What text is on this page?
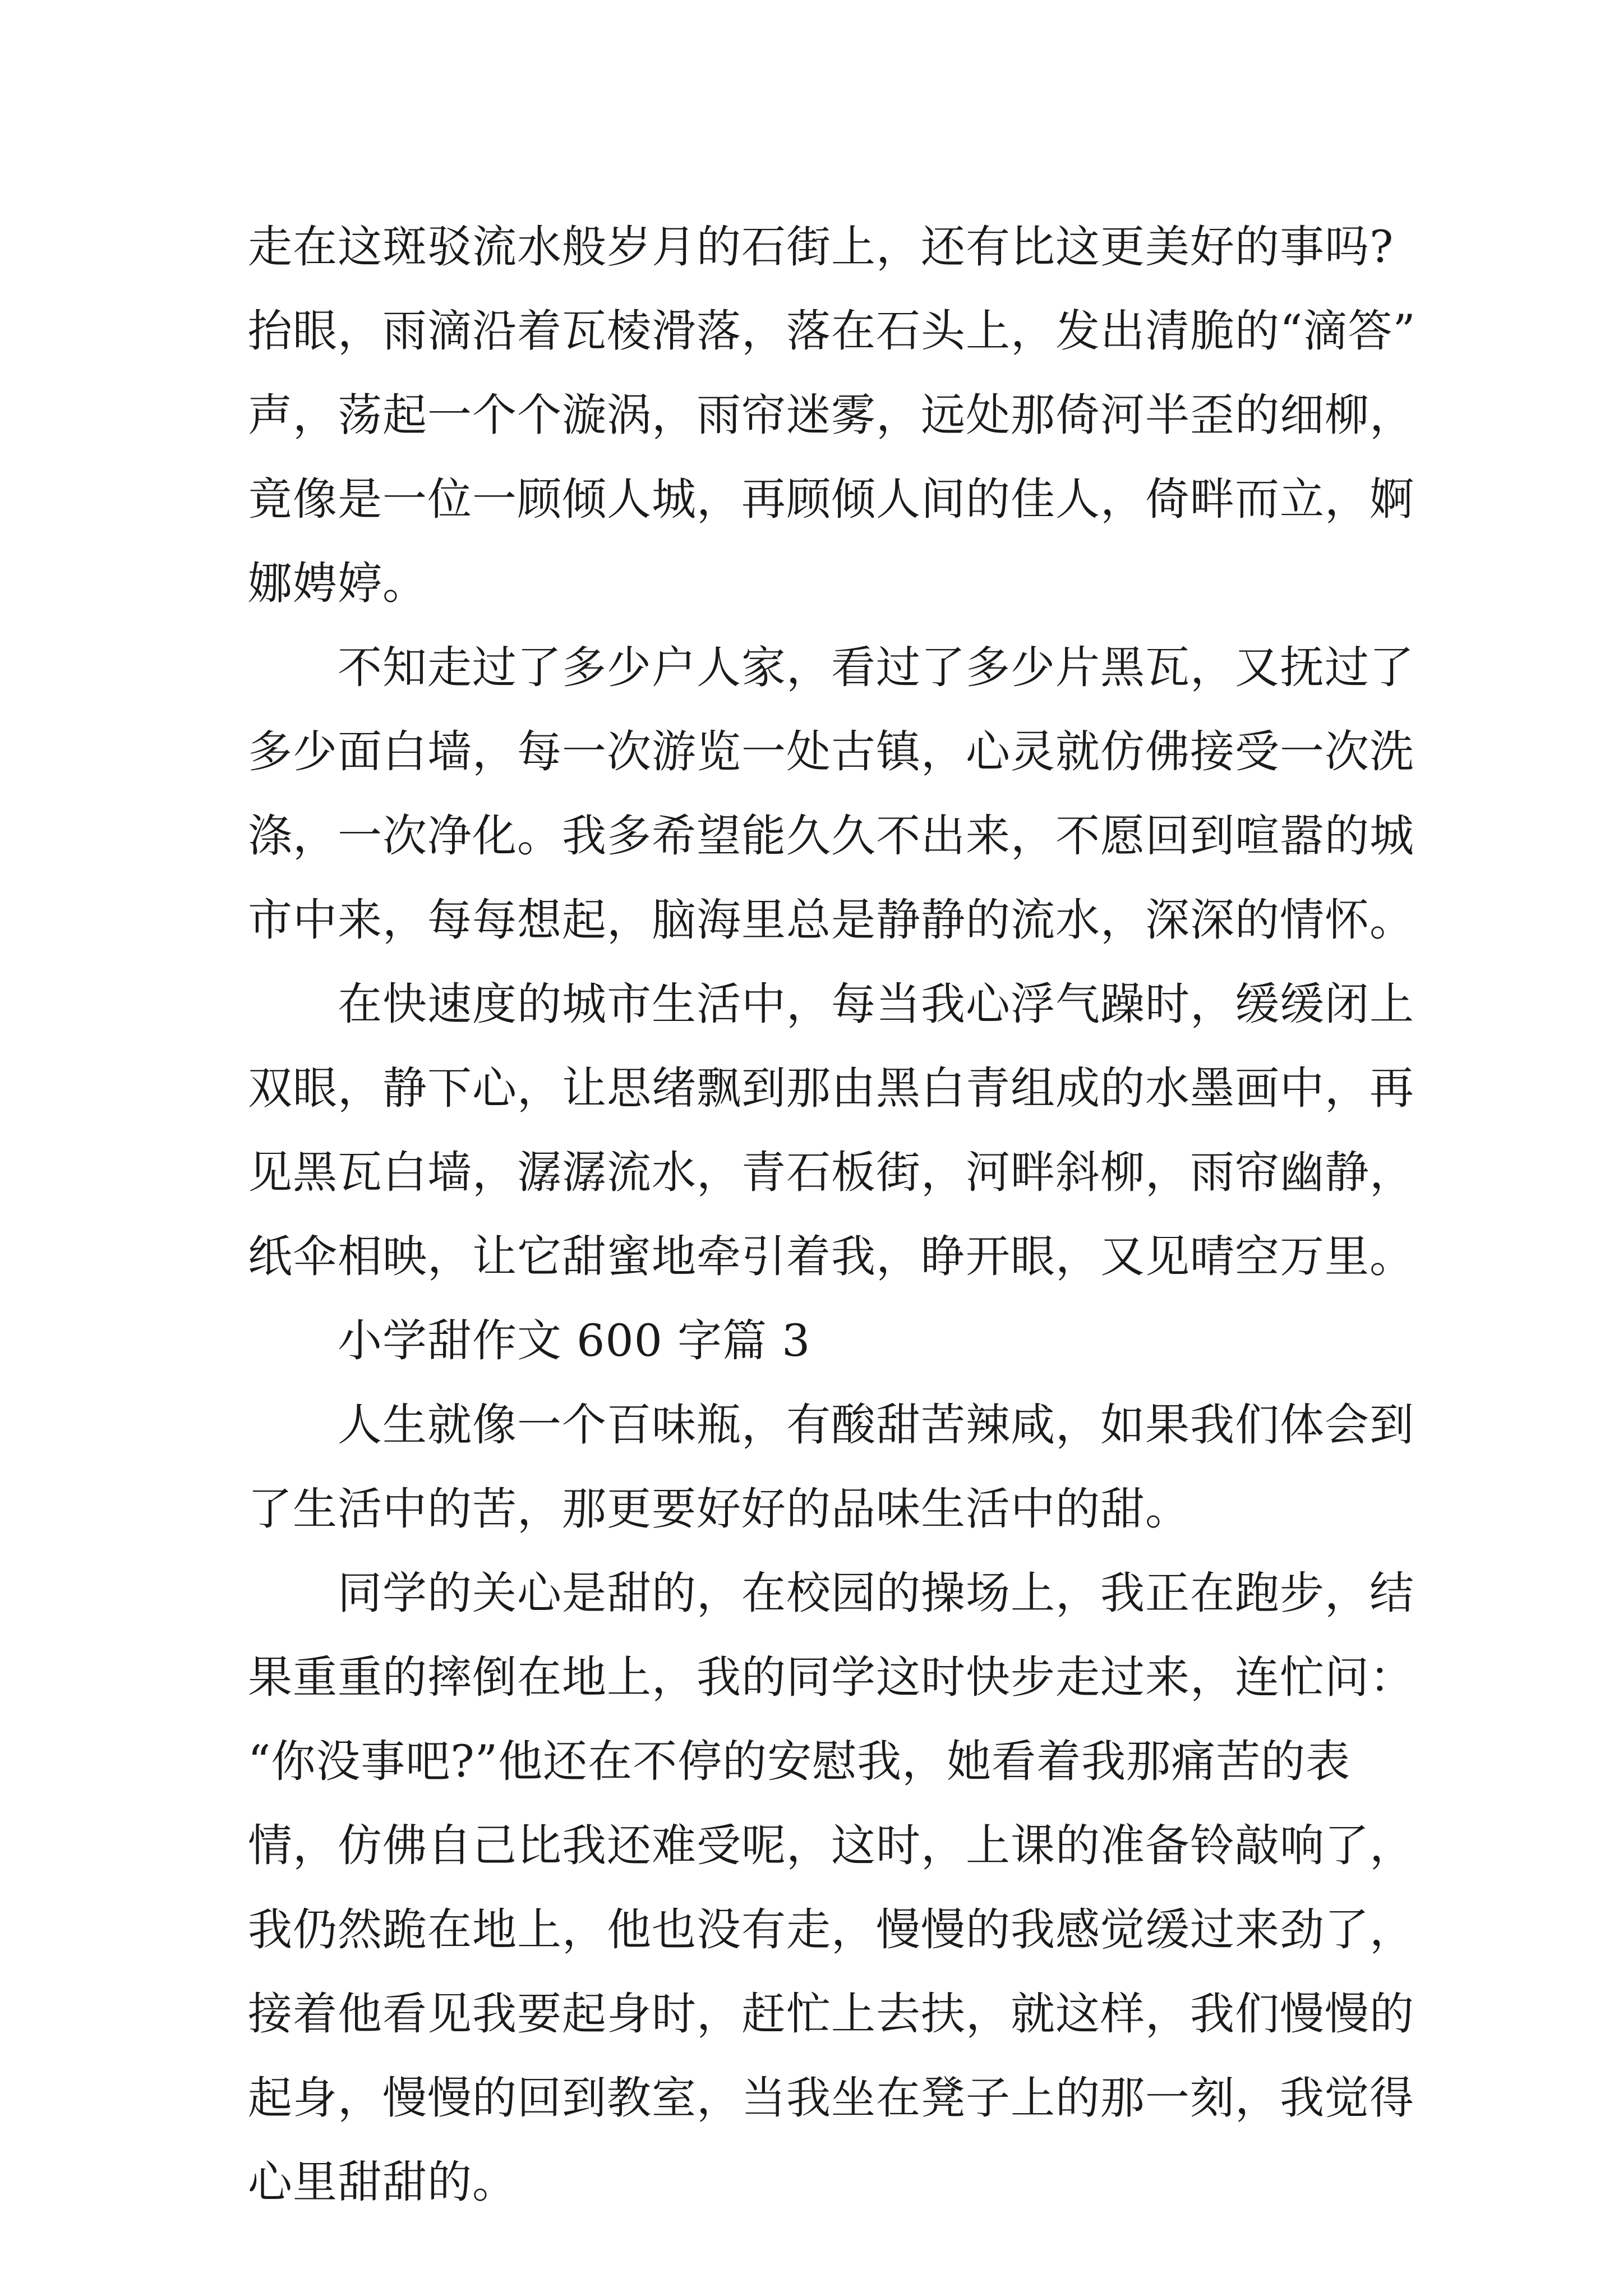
走在这斑驳流水般岁月的石街上，还有比这更美好的事吗?
抬眼，雨滴沿着瓦棱滑落，落在石头上，发出清脆的“滴答”
声，荡起一个个漩涡，雨帘迷雾，远处那倚河半歪的细柳，
竟像是一位一顾倾人城，再顾倾人间的佳人，倚畔而立，婀
娜娉婷。
不知走过了多少户人家，看过了多少片黑瓦，又抚过了
多少面白墙，每一次游览一处古镇，心灵就仿佛接受一次洗
涤，一次净化。我多希望能久久不出来，不愿回到喧嚣的城
市中来，每每想起，脑海里总是静静的流水，深深的情怀。
在快速度的城市生活中，每当我心浮气躁时，缓缓闭上
双眼，静下心，让思绪飘到那由黑白青组成的水墨画中，再
见黑瓦白墙，潺潺流水，青石板街，河畔斜柳，雨帘幽静，
纸伞相映，让它甜蜜地牵引着我，睁开眼，又见晴空万里。
小学甜作文 600 字篇 3
人生就像一个百味瓶，有酸甜苦辣咸，如果我们体会到
了生活中的苦，那更要好好的品味生活中的甜。
同学的关心是甜的，在校园的操场上，我正在跑步，结
果重重的摔倒在地上，我的同学这时快步走过来，连忙问：
“你没事吧?”他还在不停的安慰我，她看着我那痛苦的表
情，仿佛自己比我还难受呢，这时，上课的准备铃敲响了，
我仍然跪在地上，他也没有走，慢慢的我感觉缓过来劲了，
接着他看见我要起身时，赶忙上去扶，就这样，我们慢慢的
起身，慢慢的回到教室，当我坐在凳子上的那一刻，我觉得
心里甜甜的。
